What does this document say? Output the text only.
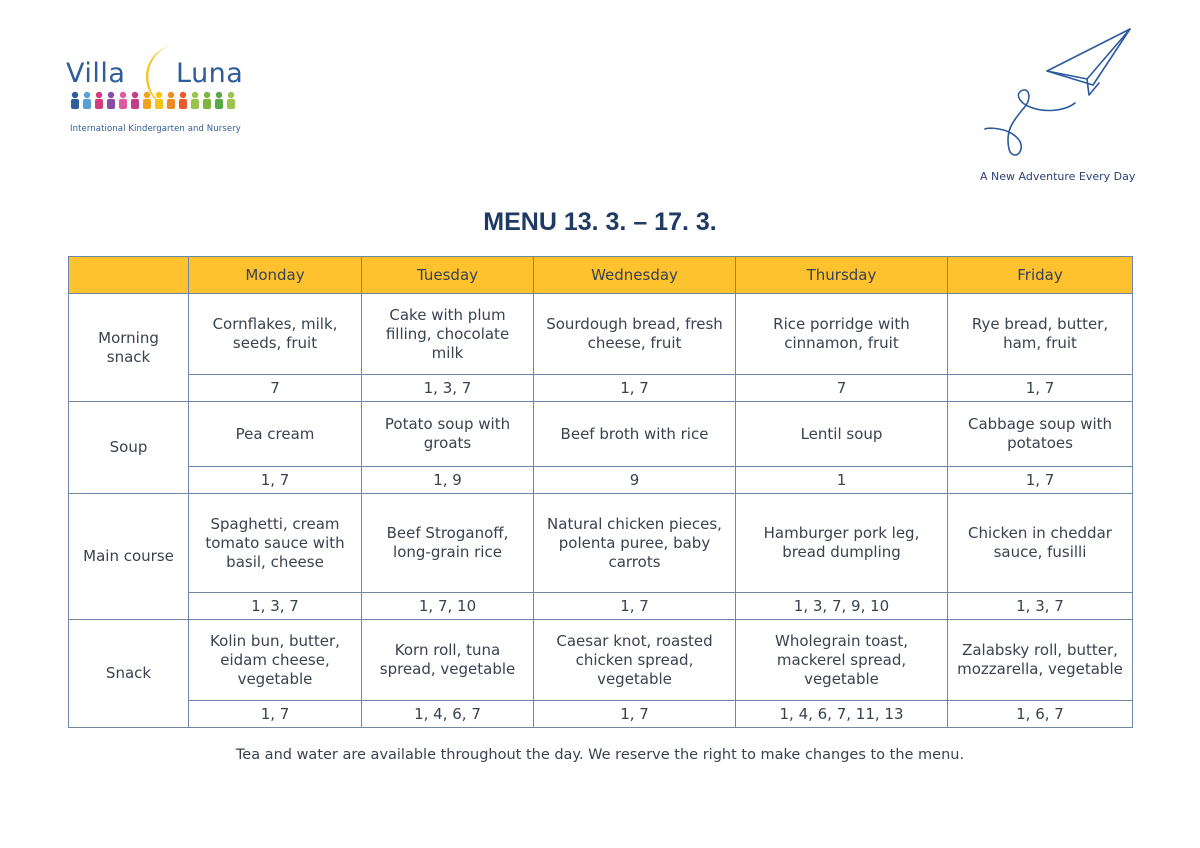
Villa Luna
International Kindergarten and Nursery
A New Adventure Every Day
MENU 13. 3. – 17. 3.
	Monday	Tuesday	Wednesday	Thursday	Friday
Morning snack	Cornflakes, milk, seeds, fruit	Cake with plum filling, chocolate milk	Sourdough bread, fresh cheese, fruit	Rice porridge with cinnamon, fruit	Rye bread, butter, ham, fruit
	7	1, 3, 7	1, 7	7	1, 7
Soup	Pea cream	Potato soup with groats	Beef broth with rice	Lentil soup	Cabbage soup with potatoes
	1, 7	1, 9	9	1	1, 7
Main course	Spaghetti, cream tomato sauce with basil, cheese	Beef Stroganoff, long-grain rice	Natural chicken pieces, polenta puree, baby carrots	Hamburger pork leg, bread dumpling	Chicken in cheddar sauce, fusilli
	1, 3, 7	1, 7, 10	1, 7	1, 3, 7, 9, 10	1, 3, 7
Snack	Kolin bun, butter, eidam cheese, vegetable	Korn roll, tuna spread, vegetable	Caesar knot, roasted chicken spread, vegetable	Wholegrain toast, mackerel spread, vegetable	Zalabsky roll, butter, mozzarella, vegetable
	1, 7	1, 4, 6, 7	1, 7	1, 4, 6, 7, 11, 13	1, 6, 7
Tea and water are available throughout the day. We reserve the right to make changes to the menu.
